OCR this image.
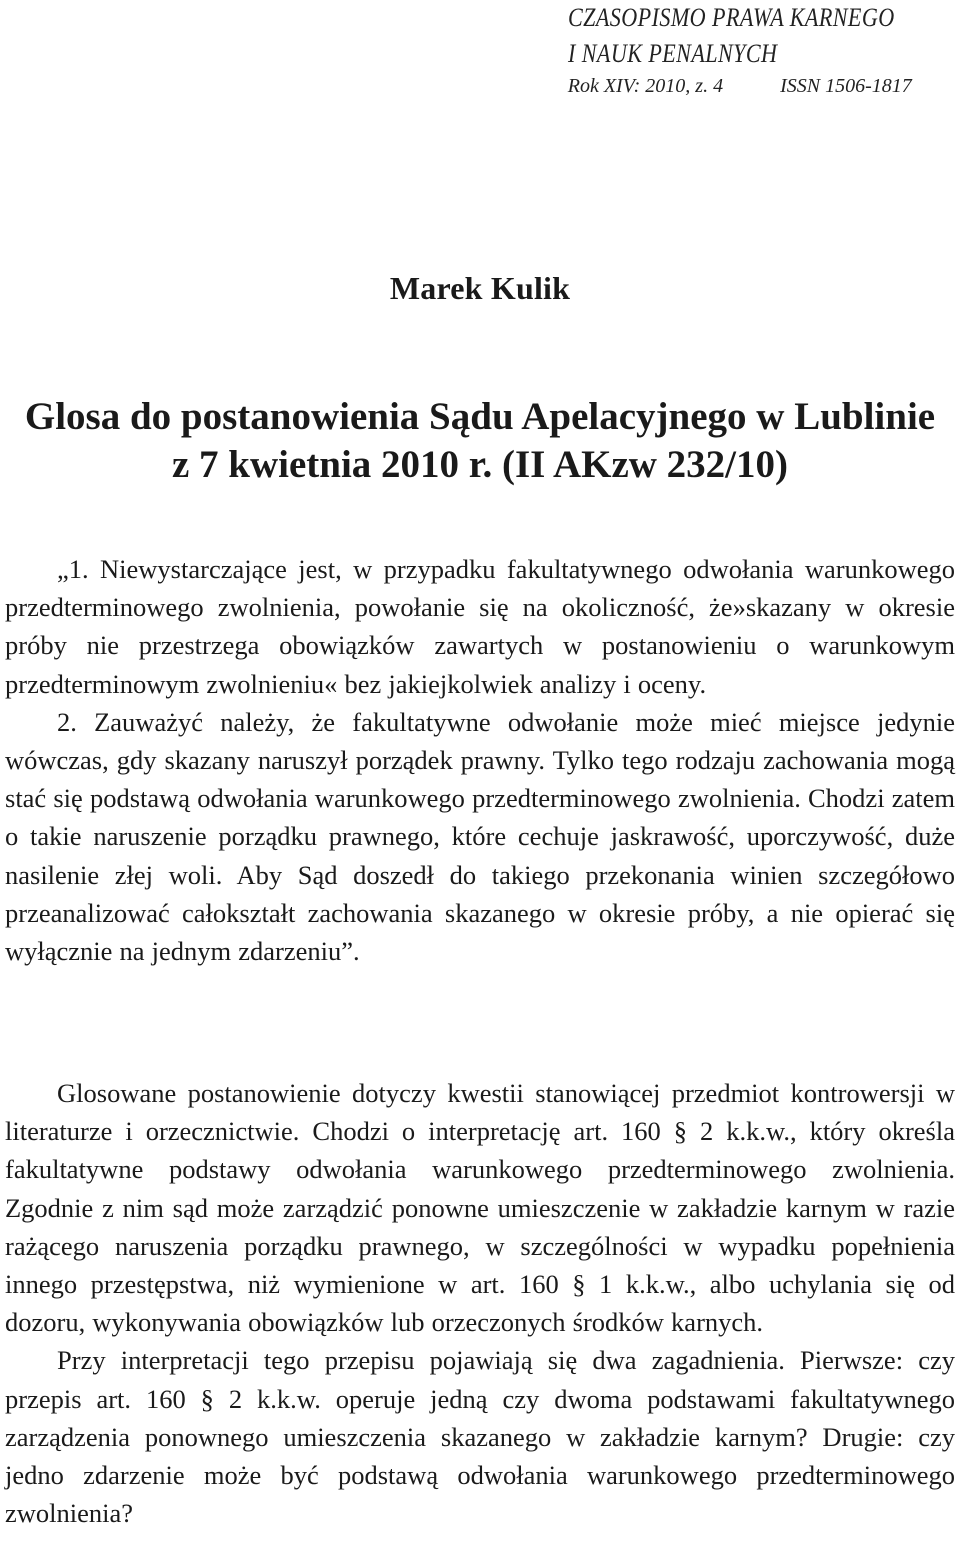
CZASOPISMO PRAWA KARNEGO
I NAUK PENALNYCH
Rok XIV: 2010, z. 4	ISSN 1506-1817
Marek Kulik
Glosa do postanowienia Sądu Apelacyjnego w Lublinie
z 7 kwietnia 2010 r. (II AKzw 232/10)

„1. Niewystarczające jest, w przypadku fakultatywnego odwołania warunkowego przedterminowego zwolnienia, powołanie się na okoliczność, że»skazany w okresie próby nie przestrzega obowiązków zawartych w postanowieniu o warunkowym przedterminowym zwolnieniu« bez jakiejkolwiek analizy i oceny.

2. Zauważyć należy, że fakultatywne odwołanie może mieć miejsce jedynie wówczas, gdy skazany naruszył porządek prawny. Tylko tego rodzaju zachowania mogą stać się podstawą odwołania warunkowego przedterminowego zwolnienia. Chodzi zatem o takie naruszenie porządku prawnego, które cechuje jaskrawość, uporczywość, duże nasilenie złej woli. Aby Sąd doszedł do takiego przekonania winien szczegółowo przeanalizować całokształt zachowania skazanego w okresie próby, a nie opierać się wyłącznie na jednym zdarzeniu”.

Glosowane postanowienie dotyczy kwestii stanowiącej przedmiot kontrowersji w literaturze i orzecznictwie. Chodzi o interpretację art. 160 § 2 k.k.w., który określa fakultatywne podstawy odwołania warunkowego przedterminowego zwolnienia. Zgodnie z nim sąd może zarządzić ponowne umieszczenie w zakładzie karnym w razie rażącego naruszenia porządku prawnego, w szczególności w wypadku popełnienia innego przestępstwa, niż wymienione w art. 160 § 1 k.k.w., albo uchylania się od dozoru, wykonywania obowiązków lub orzeczonych środków karnych.

Przy interpretacji tego przepisu pojawiają się dwa zagadnienia. Pierwsze: czy przepis art. 160 § 2 k.k.w. operuje jedną czy dwoma podstawami fakultatywnego zarządzenia ponownego umieszczenia skazanego w zakładzie karnym? Drugie: czy jedno zdarzenie może być podstawą odwołania warunkowego przedterminowego zwolnienia?
